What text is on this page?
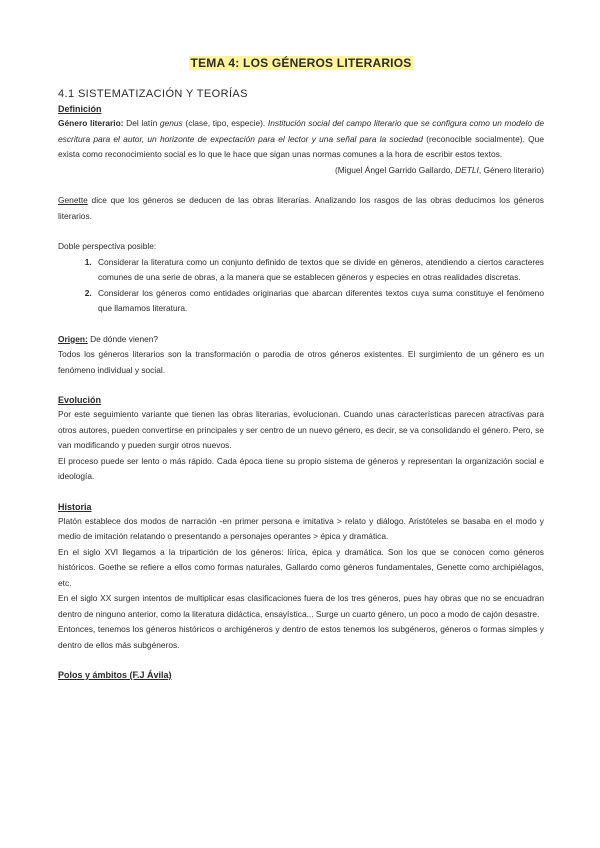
TEMA 4: LOS GÉNEROS LITERARIOS
4.1 SISTEMATIZACIÓN Y TEORÍAS
Definición

Género literario: Del latín genus (clase, tipo, especie). Institución social del campo literario que se configura como un modelo de escritura para el autor, un horizonte de expectación para el lector y una señal para la sociedad (reconocible socialmente). Que exista como reconocimiento social es lo que le hace que sigan unas normas comunes a la hora de escribir estos textos.

(Miguel Ángel Garrido Gallardo, DETLI, Género literario)

Genette dice que los géneros se deducen de las obras literarias. Analizando los rasgos de las obras deducimos los géneros literarios.

Doble perspectiva posible:

1. Considerar la literatura como un conjunto definido de textos que se divide en géneros, atendiendo a ciertos caracteres comunes de una serie de obras, a la manera que se establecen géneros y especies en otras realidades discretas.
2. Considerar los géneros como entidades originarias que abarcan diferentes textos cuya suma constituye el fenómeno que llamamos literatura.

Origen: De dónde vienen?

Todos los géneros literarios son la transformación o parodia de otros géneros existentes. El surgimiento de un género es un fenómeno individual y social.

Evolución

Por este seguimiento variante que tienen las obras literarias, evolucionan. Cuando unas características parecen atractivas para otros autores, pueden convertirse en principales y ser centro de un nuevo género, es decir, se va consolidando el género. Pero, se van modificando y pueden surgir otros nuevos.

El proceso puede ser lento o más rápido. Cada época tiene su propio sistema de géneros y representan la organización social e ideología.

Historia

Platón establece dos modos de narración -en primer persona e imitativa > relato y diálogo. Aristóteles se basaba en el modo y medio de imitación relatando o presentando a personajes operantes > épica y dramática.

En el siglo XVI llegamos a la tripartición de los géneros: lírica, épica y dramática. Son los que se conocen como géneros históricos. Goethe se refiere a ellos como formas naturales, Gallardo como géneros fundamentales, Genette como archipiélagos, etc.

En el siglo XX surgen intentos de multiplicar esas clasificaciones fuera de los tres géneros, pues hay obras que no se encuadran dentro de ninguno anterior, como la literatura didáctica, ensayística... Surge un cuarto género, un poco a modo de cajón desastre.

Entonces, tenemos los géneros históricos o archigéneros y dentro de estos tenemos los subgéneros, géneros o formas simples y dentro de ellos más subgéneros.

Polos y ámbitos (F.J Ávila)
